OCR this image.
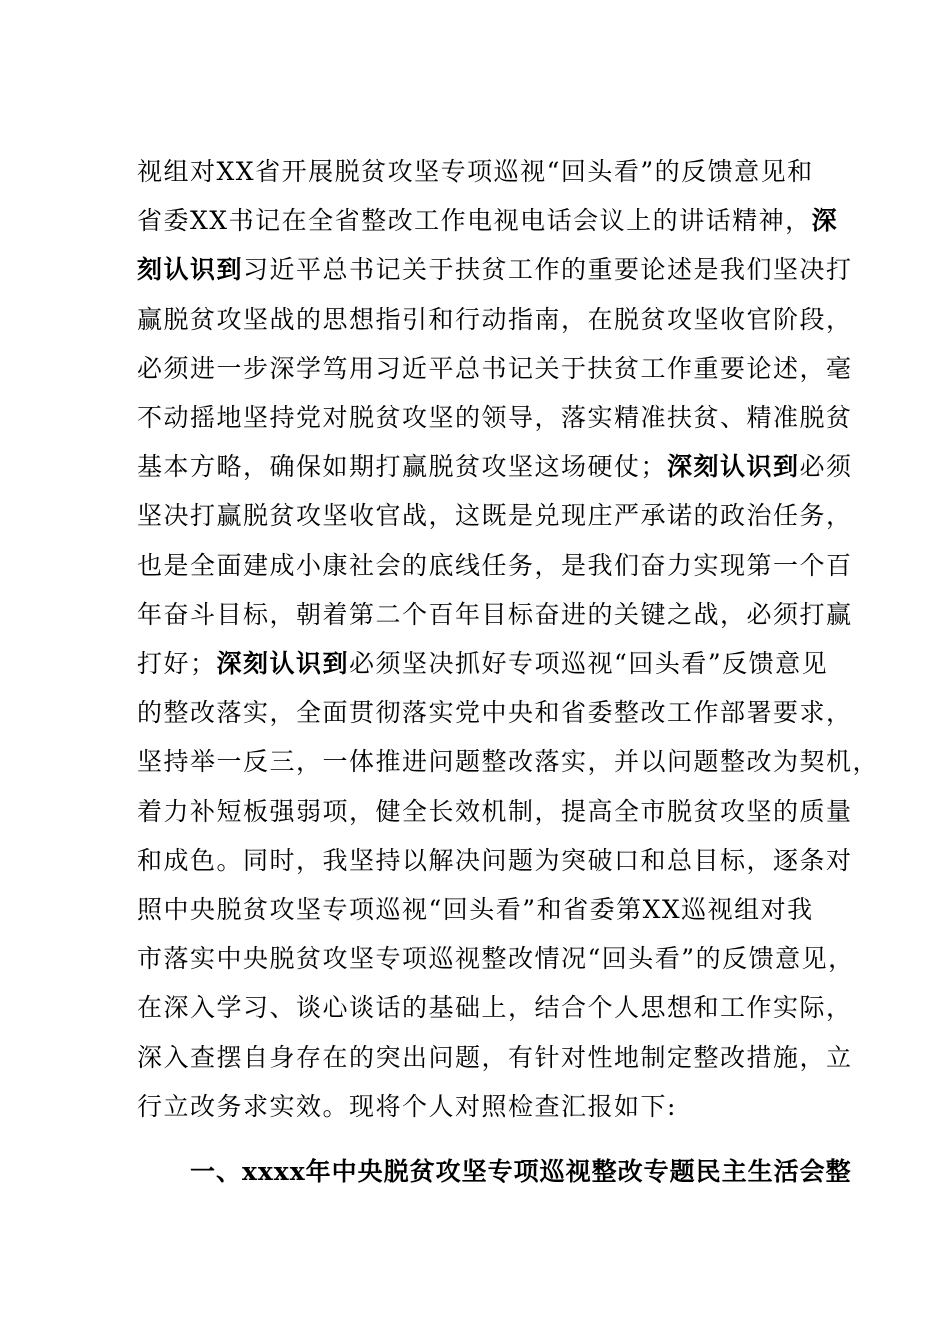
视组对XX省开展脱贫攻坚专项巡视“回头看”的反馈意见和
省委XX书记在全省整改工作电视电话会议上的讲话精神，深
刻认识到习近平总书记关于扶贫工作的重要论述是我们坚决打
赢脱贫攻坚战的思想指引和行动指南，在脱贫攻坚收官阶段，
必须进一步深学笃用习近平总书记关于扶贫工作重要论述，毫
不动摇地坚持党对脱贫攻坚的领导，落实精准扶贫、精准脱贫
基本方略，确保如期打赢脱贫攻坚这场硬仗；深刻认识到必须
坚决打赢脱贫攻坚收官战，这既是兑现庄严承诺的政治任务，
也是全面建成小康社会的底线任务，是我们奋力实现第一个百
年奋斗目标，朝着第二个百年目标奋进的关键之战，必须打赢
打好；深刻认识到必须坚决抓好专项巡视“回头看”反馈意见
的整改落实，全面贯彻落实党中央和省委整改工作部署要求，
坚持举一反三，一体推进问题整改落实，并以问题整改为契机，
着力补短板强弱项，健全长效机制，提高全市脱贫攻坚的质量
和成色。同时，我坚持以解决问题为突破口和总目标，逐条对
照中央脱贫攻坚专项巡视“回头看”和省委第XX巡视组对我
市落实中央脱贫攻坚专项巡视整改情况“回头看”的反馈意见，
在深入学习、谈心谈话的基础上，结合个人思想和工作实际，
深入查摆自身存在的突出问题，有针对性地制定整改措施，立
行立改务求实效。现将个人对照检查汇报如下:
一、xxxx年中央脱贫攻坚专项巡视整改专题民主生活会整
